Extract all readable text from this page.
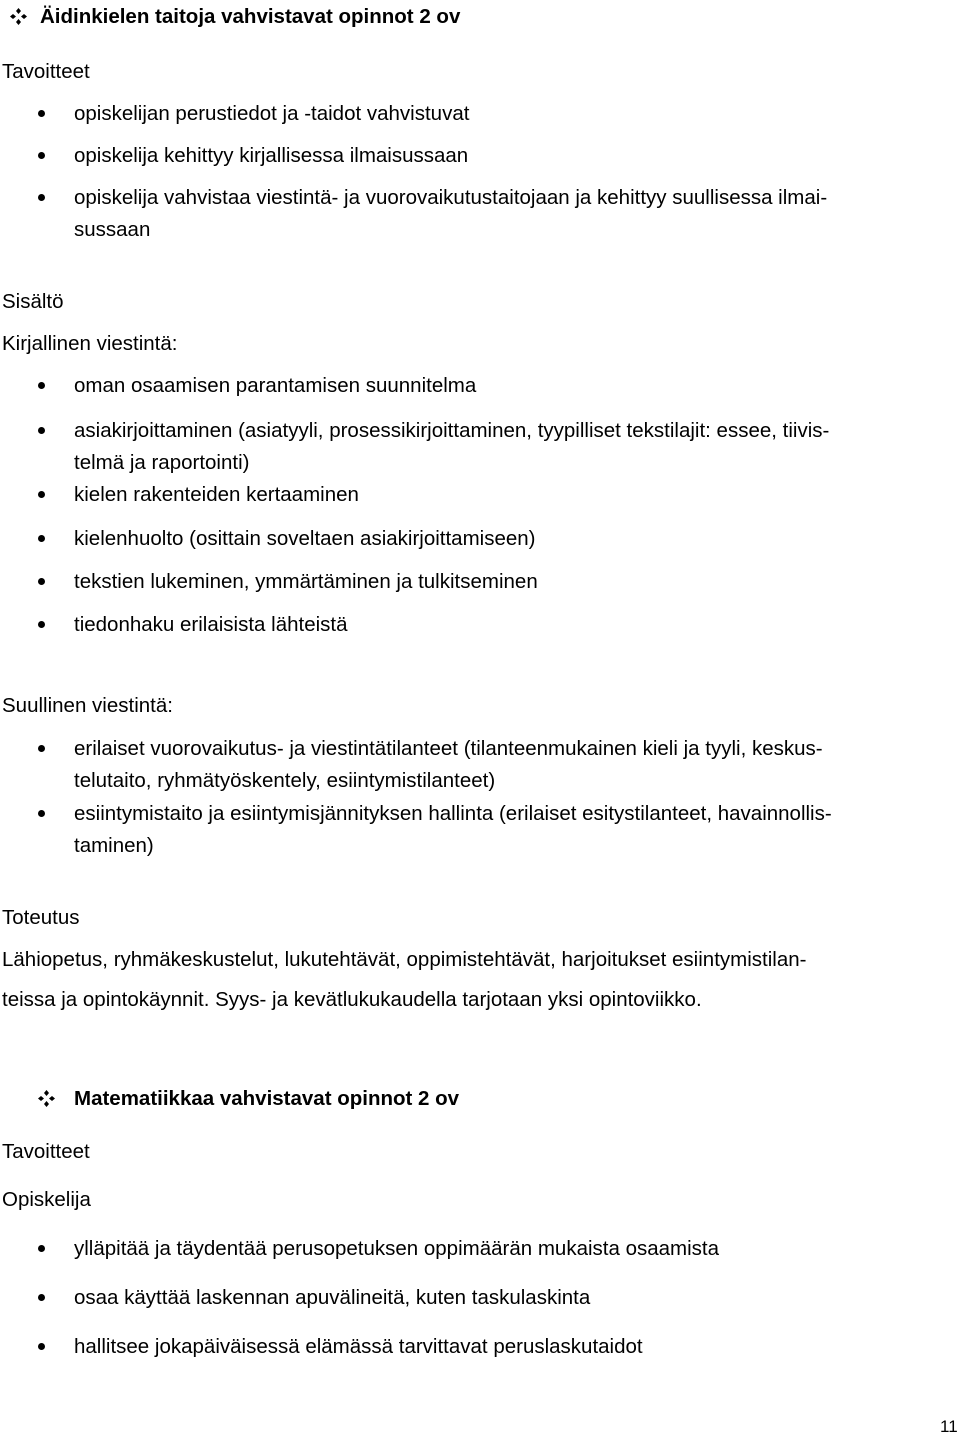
Äidinkielen taitoja vahvistavat opinnot 2 ov
Tavoitteet
opiskelijan perustiedot ja -taidot vahvistuvat
opiskelija kehittyy kirjallisessa ilmaisussaan
opiskelija vahvistaa viestintä- ja vuorovaikutustaitojaan ja kehittyy suullisessa ilmai-
sussaan
Sisältö
Kirjallinen viestintä:
oman osaamisen parantamisen suunnitelma
asiakirjoittaminen (asiatyyli, prosessikirjoittaminen, tyypilliset tekstilajit: essee, tiivis-
telmä ja raportointi)
kielen rakenteiden kertaaminen
kielenhuolto (osittain soveltaen asiakirjoittamiseen)
tekstien lukeminen, ymmärtäminen ja tulkitseminen
tiedonhaku erilaisista lähteistä
Suullinen viestintä:
erilaiset vuorovaikutus- ja viestintätilanteet (tilanteenmukainen kieli ja tyyli, keskus-
telutaito, ryhmätyöskentely, esiintymistilanteet)
esiintymistaito ja esiintymisjännityksen hallinta (erilaiset esitystilanteet, havainnollis-
taminen)
Toteutus
Lähiopetus, ryhmäkeskustelut, lukutehtävät, oppimistehtävät, harjoitukset esiintymistilan-
teissa ja opintokäynnit. Syys- ja kevätlukukaudella tarjotaan yksi opintoviikko.
Matematiikkaa vahvistavat opinnot 2 ov
Tavoitteet
Opiskelija
ylläpitää ja täydentää perusopetuksen oppimäärän mukaista osaamista
osaa käyttää laskennan apuvälineitä, kuten taskulaskinta
hallitsee jokapäiväisessä elämässä tarvittavat peruslaskutaidot
11
